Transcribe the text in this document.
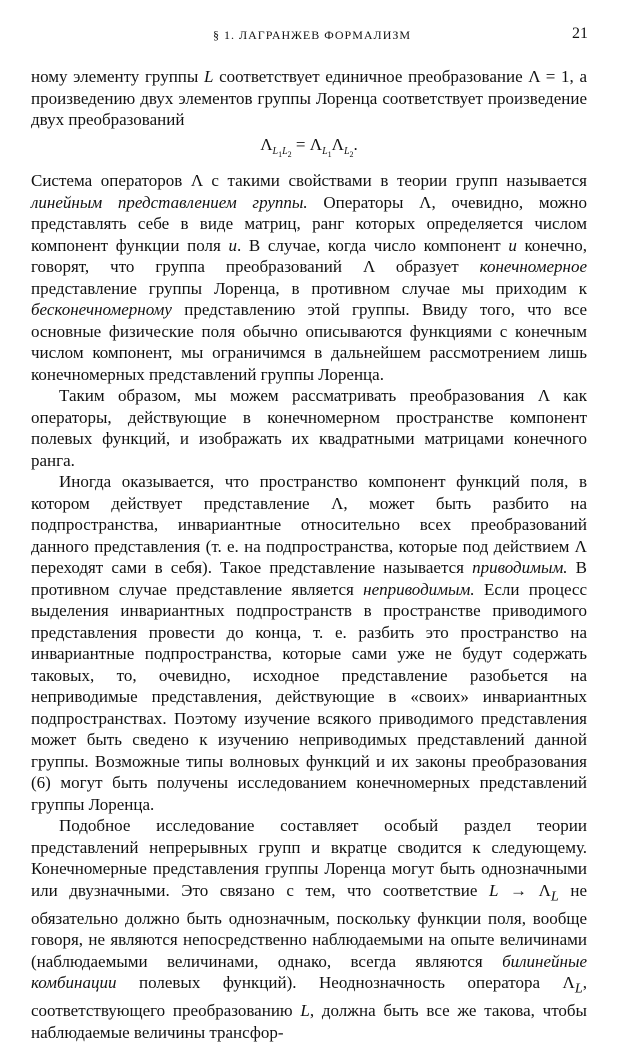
§ 1. ЛАГРАНЖЕВ ФОРМАЛИЗМ	21

ному элементу группы L соответствует единичное преобразование Λ = 1, а произведению двух элементов группы Лоренца соответствует произведение двух преобразований

$\Lambda_{L_1L_2} = \Lambda_{L_1}\Lambda_{L_2}$.

Система операторов Λ с такими свойствами в теории групп называется линейным представлением группы. Операторы Λ, очевидно, можно представлять себе в виде матриц, ранг которых определяется числом компонент функции поля u. В случае, когда число компонент u конечно, говорят, что группа преобразований Λ образует конечномерное представление группы Лоренца, в противном случае мы приходим к бесконечномерному представлению этой группы. Ввиду того, что все основные физические поля обычно описываются функциями с конечным числом компонент, мы ограничимся в дальнейшем рассмотрением лишь конечномерных представлений группы Лоренца.

Таким образом, мы можем рассматривать преобразования Λ как операторы, действующие в конечномерном пространстве компонент полевых функций, и изображать их квадратными матрицами конечного ранга.

Иногда оказывается, что пространство компонент функций поля, в котором действует представление Λ, может быть разбито на подпространства, инвариантные относительно всех преобразований данного представления (т. е. на подпространства, которые под действием Λ переходят сами в себя). Такое представление называется приводимым. В противном случае представление является неприводимым. Если процесс выделения инвариантных подпространств в пространстве приводимого представления провести до конца, т. е. разбить это пространство на инвариантные подпространства, которые сами уже не будут содержать таковых, то, очевидно, исходное представление разобьется на неприводимые представления, действующие в «своих» инвариантных подпространствах. Поэтому изучение всякого приводимого представления может быть сведено к изучению неприводимых представлений данной группы. Возможные типы волновых функций и их законы преобразования (6) могут быть получены исследованием конечномерных представлений группы Лоренца.

Подобное исследование составляет особый раздел теории представлений непрерывных групп и вкратце сводится к следующему. Конечномерные представления группы Лоренца могут быть однозначными или двузначными. Это связано с тем, что соответствие $L \to \Lambda_L$ не обязательно должно быть однозначным, поскольку функции поля, вообще говоря, не являются непосредственно наблюдаемыми на опыте величинами (наблюдаемыми величинами, однако, всегда являются билинейные комбинации полевых функций). Неоднозначность оператора $\Lambda_L$, соответствующего преобразованию L, должна быть все же такова, чтобы наблюдаемые величины трансфор-
